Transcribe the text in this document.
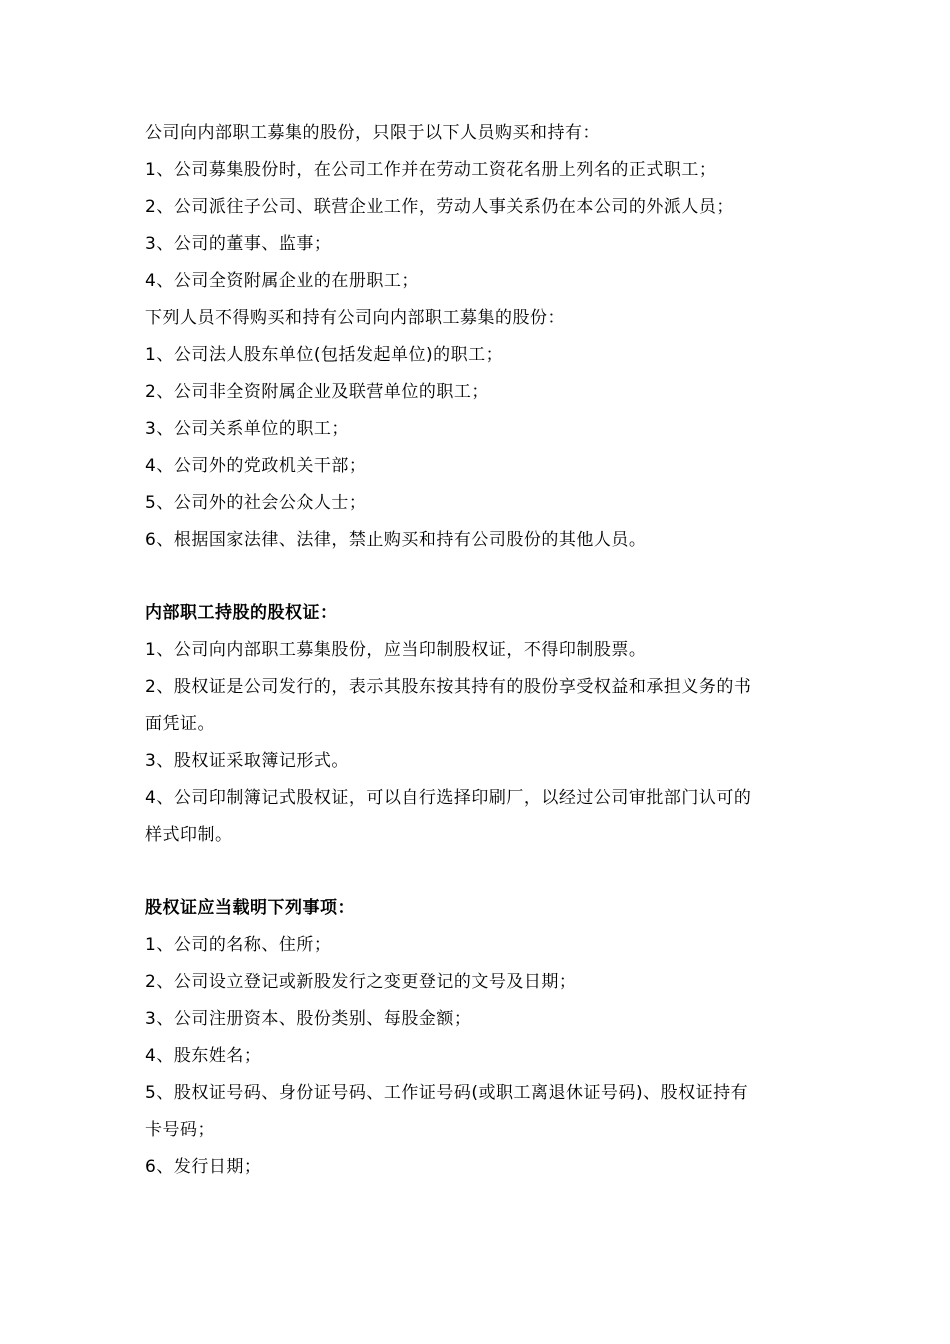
公司向内部职工募集的股份，只限于以下人员购买和持有：
1、公司募集股份时，在公司工作并在劳动工资花名册上列名的正式职工；
2、公司派往子公司、联营企业工作，劳动人事关系仍在本公司的外派人员；
3、公司的董事、监事；
4、公司全资附属企业的在册职工；
下列人员不得购买和持有公司向内部职工募集的股份：
1、公司法人股东单位(包括发起单位)的职工；
2、公司非全资附属企业及联营单位的职工；
3、公司关系单位的职工；
4、公司外的党政机关干部；
5、公司外的社会公众人士；
6、根据国家法律、法律，禁止购买和持有公司股份的其他人员。
内部职工持股的股权证：
1、公司向内部职工募集股份，应当印制股权证，不得印制股票。
2、股权证是公司发行的，表示其股东按其持有的股份享受权益和承担义务的书
面凭证。
3、股权证采取簿记形式。
4、公司印制簿记式股权证，可以自行选择印刷厂，以经过公司审批部门认可的
样式印制。
股权证应当载明下列事项：
1、公司的名称、住所；
2、公司设立登记或新股发行之变更登记的文号及日期；
3、公司注册资本、股份类别、每股金额；
4、股东姓名；
5、股权证号码、身份证号码、工作证号码(或职工离退休证号码)、股权证持有
卡号码；
6、发行日期；
